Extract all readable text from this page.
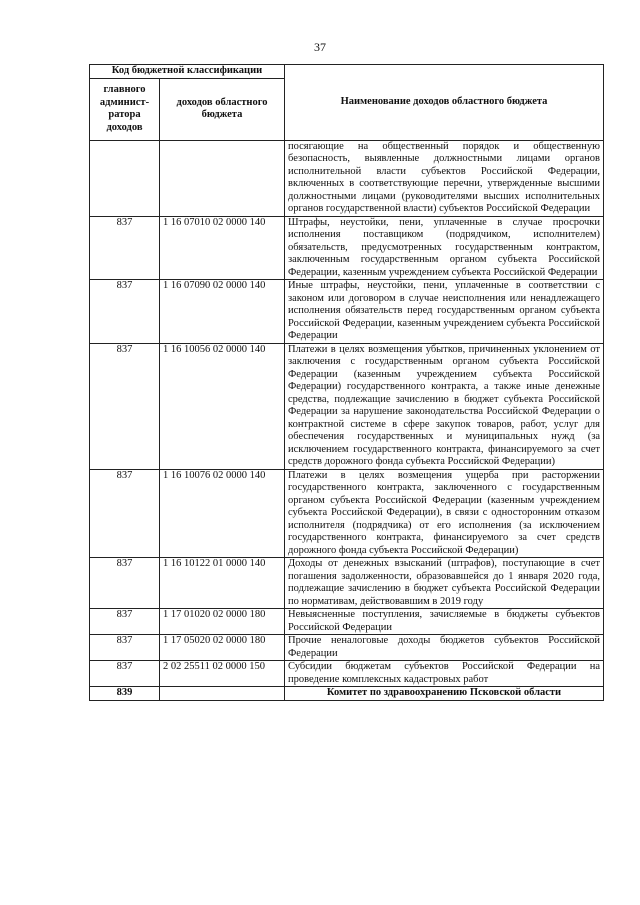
37
Код бюджетной классификации		Наименование доходов областного бюджета
главного админист-ратора доходов	доходов областного бюджета	
		посягающие на общественный порядок и общественную безопасность, выявленные должностными лицами органов исполнительной власти субъектов Российской Федерации, включенных в соответствующие перечни, утвержденные высшими должностными лицами (руководителями высших исполнительных органов государственной власти) субъектов Российской Федерации
837	1 16 07010 02 0000 140	Штрафы, неустойки, пени, уплаченные в случае просрочки исполнения поставщиком (подрядчиком, исполнителем) обязательств, предусмотренных государственным контрактом, заключенным государственным органом субъекта Российской Федерации, казенным учреждением субъекта Российской Федерации
837	1 16 07090 02 0000 140	Иные штрафы, неустойки, пени, уплаченные в соответствии с законом или договором в случае неисполнения или ненадлежащего исполнения обязательств перед государственным органом субъекта Российской Федерации, казенным учреждением субъекта Российской Федерации
837	1 16 10056 02 0000 140	Платежи в целях возмещения убытков, причиненных уклонением от заключения с государственным органом субъекта Российской Федерации (казенным учреждением субъекта Российской Федерации) государственного контракта, а также иные денежные средства, подлежащие зачислению в бюджет субъекта Российской Федерации за нарушение законодательства Российской Федерации о контрактной системе в сфере закупок товаров, работ, услуг для обеспечения государственных и муниципальных нужд (за исключением государственного контракта, финансируемого за счет средств дорожного фонда субъекта Российской Федерации)
837	1 16 10076 02 0000 140	Платежи в целях возмещения ущерба при расторжении государственного контракта, заключенного с государственным органом субъекта Российской Федерации (казенным учреждением субъекта Российской Федерации), в связи с односторонним отказом исполнителя (подрядчика) от его исполнения (за исключением государственного контракта, финансируемого за счет средств дорожного фонда субъекта Российской Федерации)
837	1 16 10122 01 0000 140	Доходы от денежных взысканий (штрафов), поступающие в счет погашения задолженности, образовавшейся до 1 января 2020 года, подлежащие зачислению в бюджет субъекта Российской Федерации по нормативам, действовавшим в 2019 году
837	1 17 01020 02 0000 180	Невыясненные поступления, зачисляемые в бюджеты субъектов Российской Федерации
837	1 17 05020 02 0000 180	Прочие неналоговые доходы бюджетов субъектов Российской Федерации
837	2 02 25511 02 0000 150	Субсидии бюджетам субъектов Российской Федерации на проведение комплексных кадастровых работ
839		Комитет по здравоохранению Псковской области
